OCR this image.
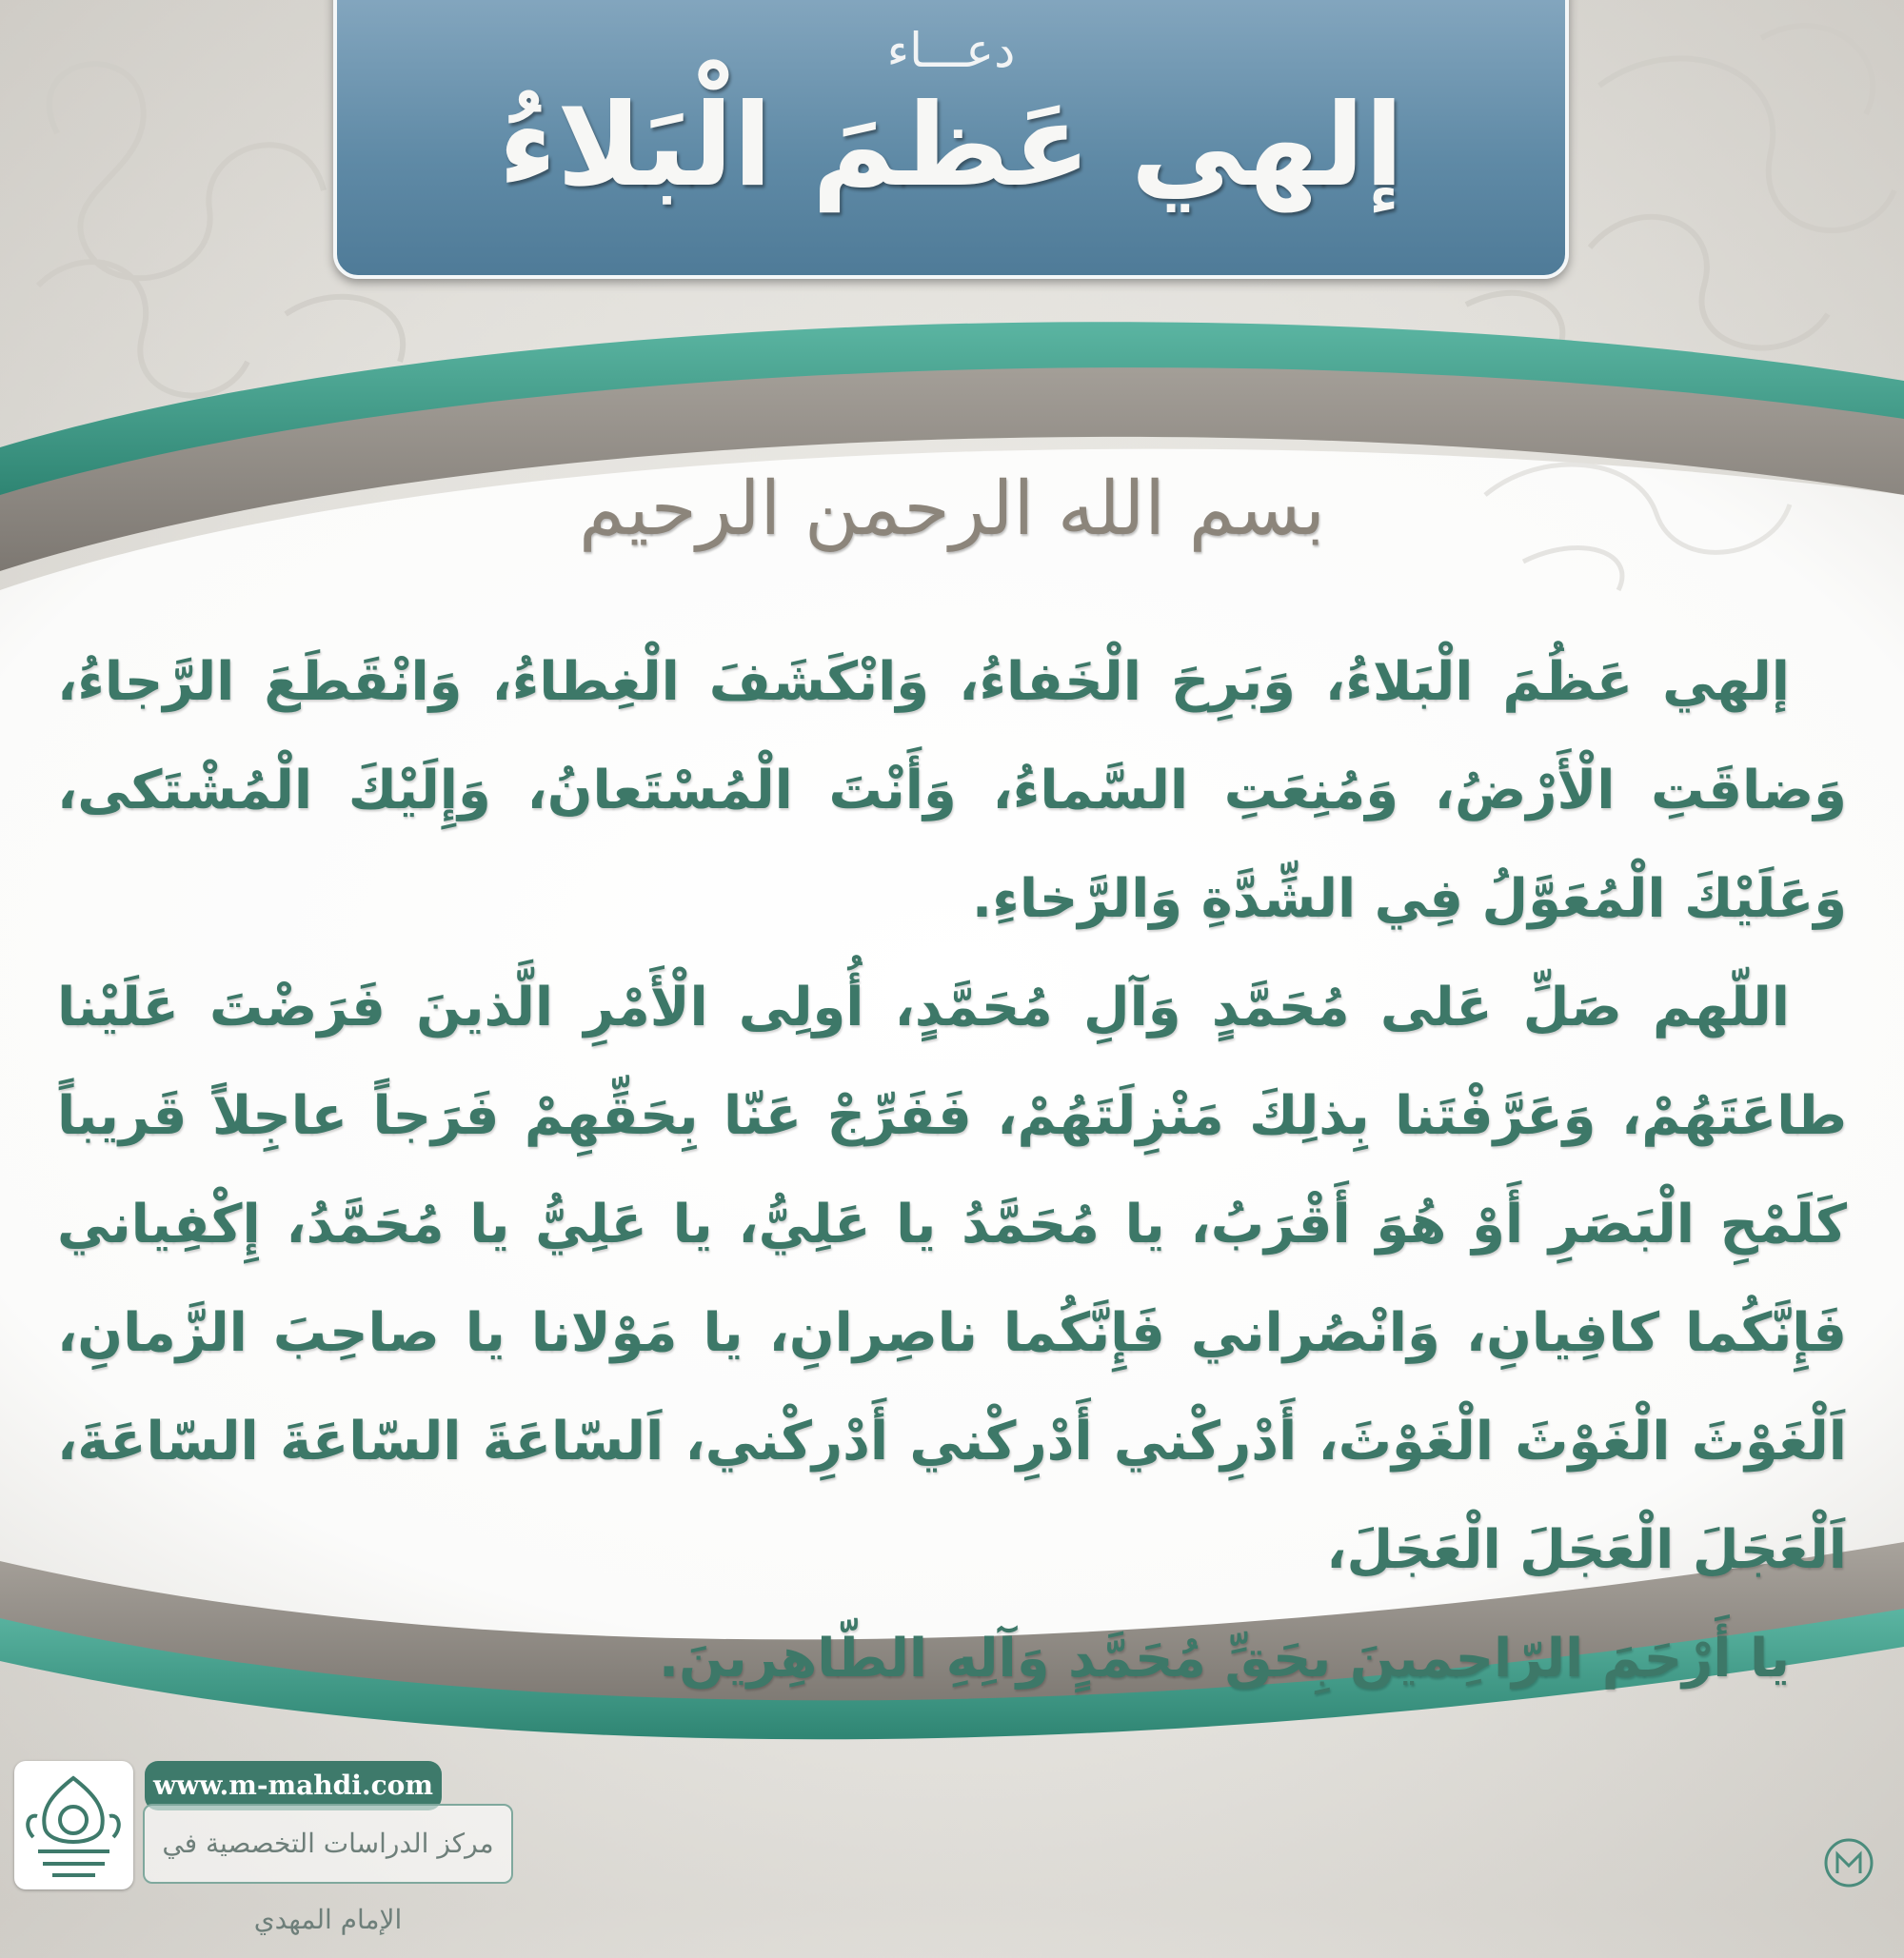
دعـــاء
إلهي عَظمَ الْبَلاءُ
بسم الله الرحمن الرحيم

إلهي عَظُمَ الْبَلاءُ، وَبَرِحَ الْخَفاءُ، وَانْكَشَفَ الْغِطاءُ، وَانْقَطَعَ الرَّجاءُ، وَضاقَتِ الْأَرْضُ، وَمُنِعَتِ السَّماءُ، وَأَنْتَ الْمُسْتَعانُ، وَإِلَيْكَ الْمُشْتَكى، وَعَلَيْكَ الْمُعَوَّلُ فِي الشِّدَّةِ وَالرَّخاءِ.

اللّهم صَلِّ عَلى مُحَمَّدٍ وَآلِ مُحَمَّدٍ، أُولِى الْأَمْرِ الَّذينَ فَرَضْتَ عَلَيْنا طاعَتَهُمْ، وَعَرَّفْتَنا بِذلِكَ مَنْزِلَتَهُمْ، فَفَرِّجْ عَنّا بِحَقِّهِمْ فَرَجاً عاجِلاً قَريباً كَلَمْحِ الْبَصَرِ أَوْ هُوَ أَقْرَبُ، يا مُحَمَّدُ يا عَلِيُّ، يا عَلِيُّ يا مُحَمَّدُ، إِكْفِياني فَإِنَّكُما كافِيانِ، وَانْصُراني فَإِنَّكُما ناصِرانِ، يا مَوْلانا يا صاحِبَ الزَّمانِ، اَلْغَوْثَ الْغَوْثَ الْغَوْثَ، أَدْرِكْني أَدْرِكْني أَدْرِكْني، اَلسّاعَةَ السّاعَةَ السّاعَةَ، اَلْعَجَلَ الْعَجَلَ الْعَجَلَ،

يا أَرْحَمَ الرّاحِمينَ بِحَقِّ مُحَمَّدٍ وَآلِهِ الطّاهِرينَ.

www.m-mahdi.com
مركز الدراسات التخصصية في الإمام المهدي
